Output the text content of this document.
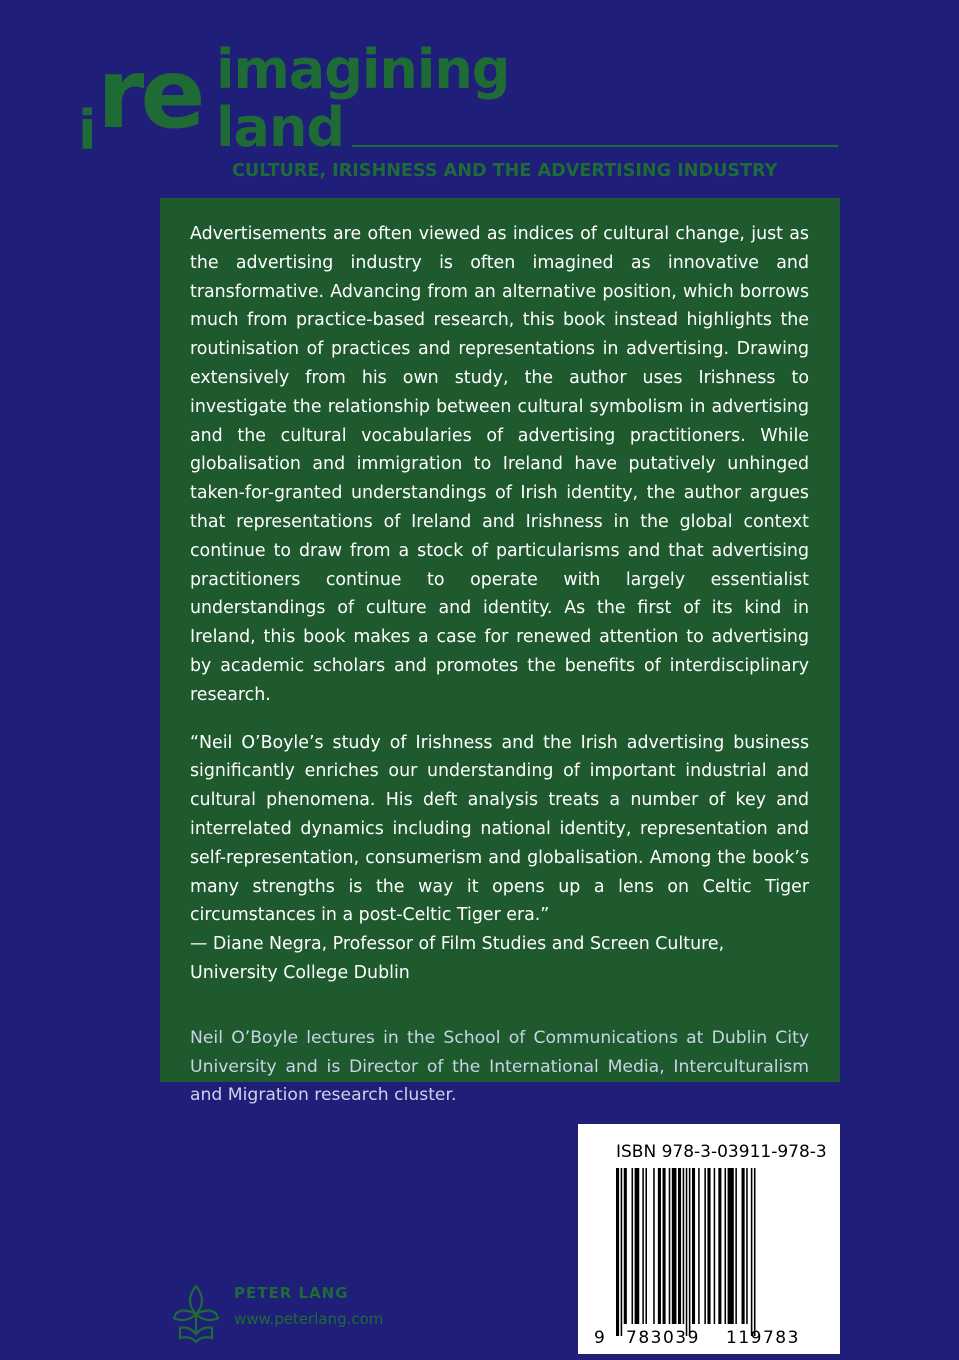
i re imagining
land
CULTURE, IRISHNESS AND THE ADVERTISING INDUSTRY

Advertisements are often viewed as indices of cultural change, just as the advertising industry is often imagined as innovative and transformative. Advancing from an alternative position, which borrows much from practice-based research, this book instead highlights the routinisation of practices and representations in advertising. Drawing extensively from his own study, the author uses Irishness to investigate the relationship between cultural symbolism in advertising and the cultural vocabularies of advertising practitioners. While globalisation and immigration to Ireland have putatively unhinged taken-for-granted understandings of Irish identity, the author argues that representations of Ireland and Irishness in the global context continue to draw from a stock of particularisms and that advertising practitioners continue to operate with largely essentialist understandings of culture and identity. As the first of its kind in Ireland, this book makes a case for renewed attention to advertising by academic scholars and promotes the benefits of interdisciplinary research.

“Neil O’Boyle’s study of Irishness and the Irish advertising business significantly enriches our understanding of important industrial and cultural phenomena. His deft analysis treats a number of key and interrelated dynamics including national identity, representation and self-representation, consumerism and globalisation. Among the book’s many strengths is the way it opens up a lens on Celtic Tiger circumstances in a post-Celtic Tiger era.”

— Diane Negra, Professor of Film Studies and Screen Culture,

University College Dublin

Neil O’Boyle lectures in the School of Communications at Dublin City University and is Director of the International Media, Interculturalism and Migration research cluster.

ISBN 978-3-03911-978-3
9 783039 119783
PETER LANG
www.peterlang.com
